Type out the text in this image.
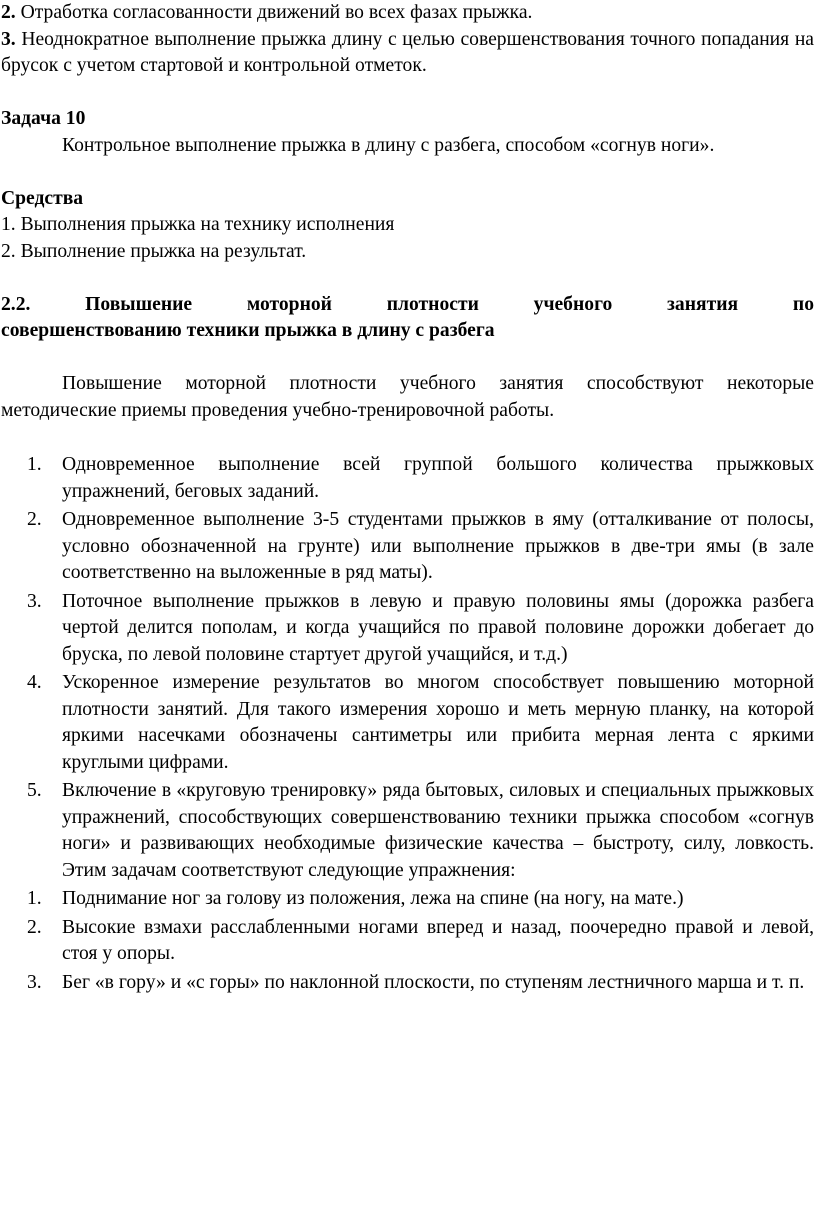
2. Отработка согласованности движений во всех фазах прыжка.

3. Неоднократное выполнение прыжка длину с целью совершенствования точного попадания на брусок с учетом стартовой и контрольной отметок.

Задача 10

Контрольное выполнение прыжка в длину с разбега, способом «согнув ноги».

Средства

1. Выполнения прыжка на технику исполнения

2. Выполнение прыжка на результат.

2.2. Повышение моторной плотности учебного занятия по

совершенствованию техники прыжка в длину с разбега

Повышение моторной плотности учебного занятия способствуют некоторые методические приемы проведения учебно-тренировочной работы.

1. Одновременное выполнение всей группой большого количества прыжковых упражнений, беговых заданий.
2. Одновременное выполнение 3-5 студентами прыжков в яму (отталкивание от полосы, условно обозначенной на грунте) или выполнение прыжков в две-три ямы (в зале соответственно на выложенные в ряд маты).
3. Поточное выполнение прыжков в левую и правую половины ямы (дорожка разбега чертой делится пополам, и когда учащийся по правой половине дорожки добегает до бруска, по левой половине стартует другой учащийся, и т.д.)
4. Ускоренное измерение результатов во многом способствует повышению моторной плотности занятий. Для такого измерения хорошо и меть мерную планку, на которой яркими насечками обозначены сантиметры или прибита мерная лента с яркими круглыми цифрами.
5. Включение в «круговую тренировку» ряда бытовых, силовых и специальных прыжковых упражнений, способствующих совершенствованию техники прыжка способом «согнув ноги» и развивающих необходимые физические качества – быстроту, силу, ловкость. Этим задачам соответствуют следующие упражнения:
1. Поднимание ног за голову из положения, лежа на спине (на ногу, на мате.)
2. Высокие взмахи расслабленными ногами вперед и назад, поочередно правой и левой, стоя у опоры.
3. Бег «в гору» и «с горы» по наклонной плоскости, по ступеням лестничного марша и т. п.
